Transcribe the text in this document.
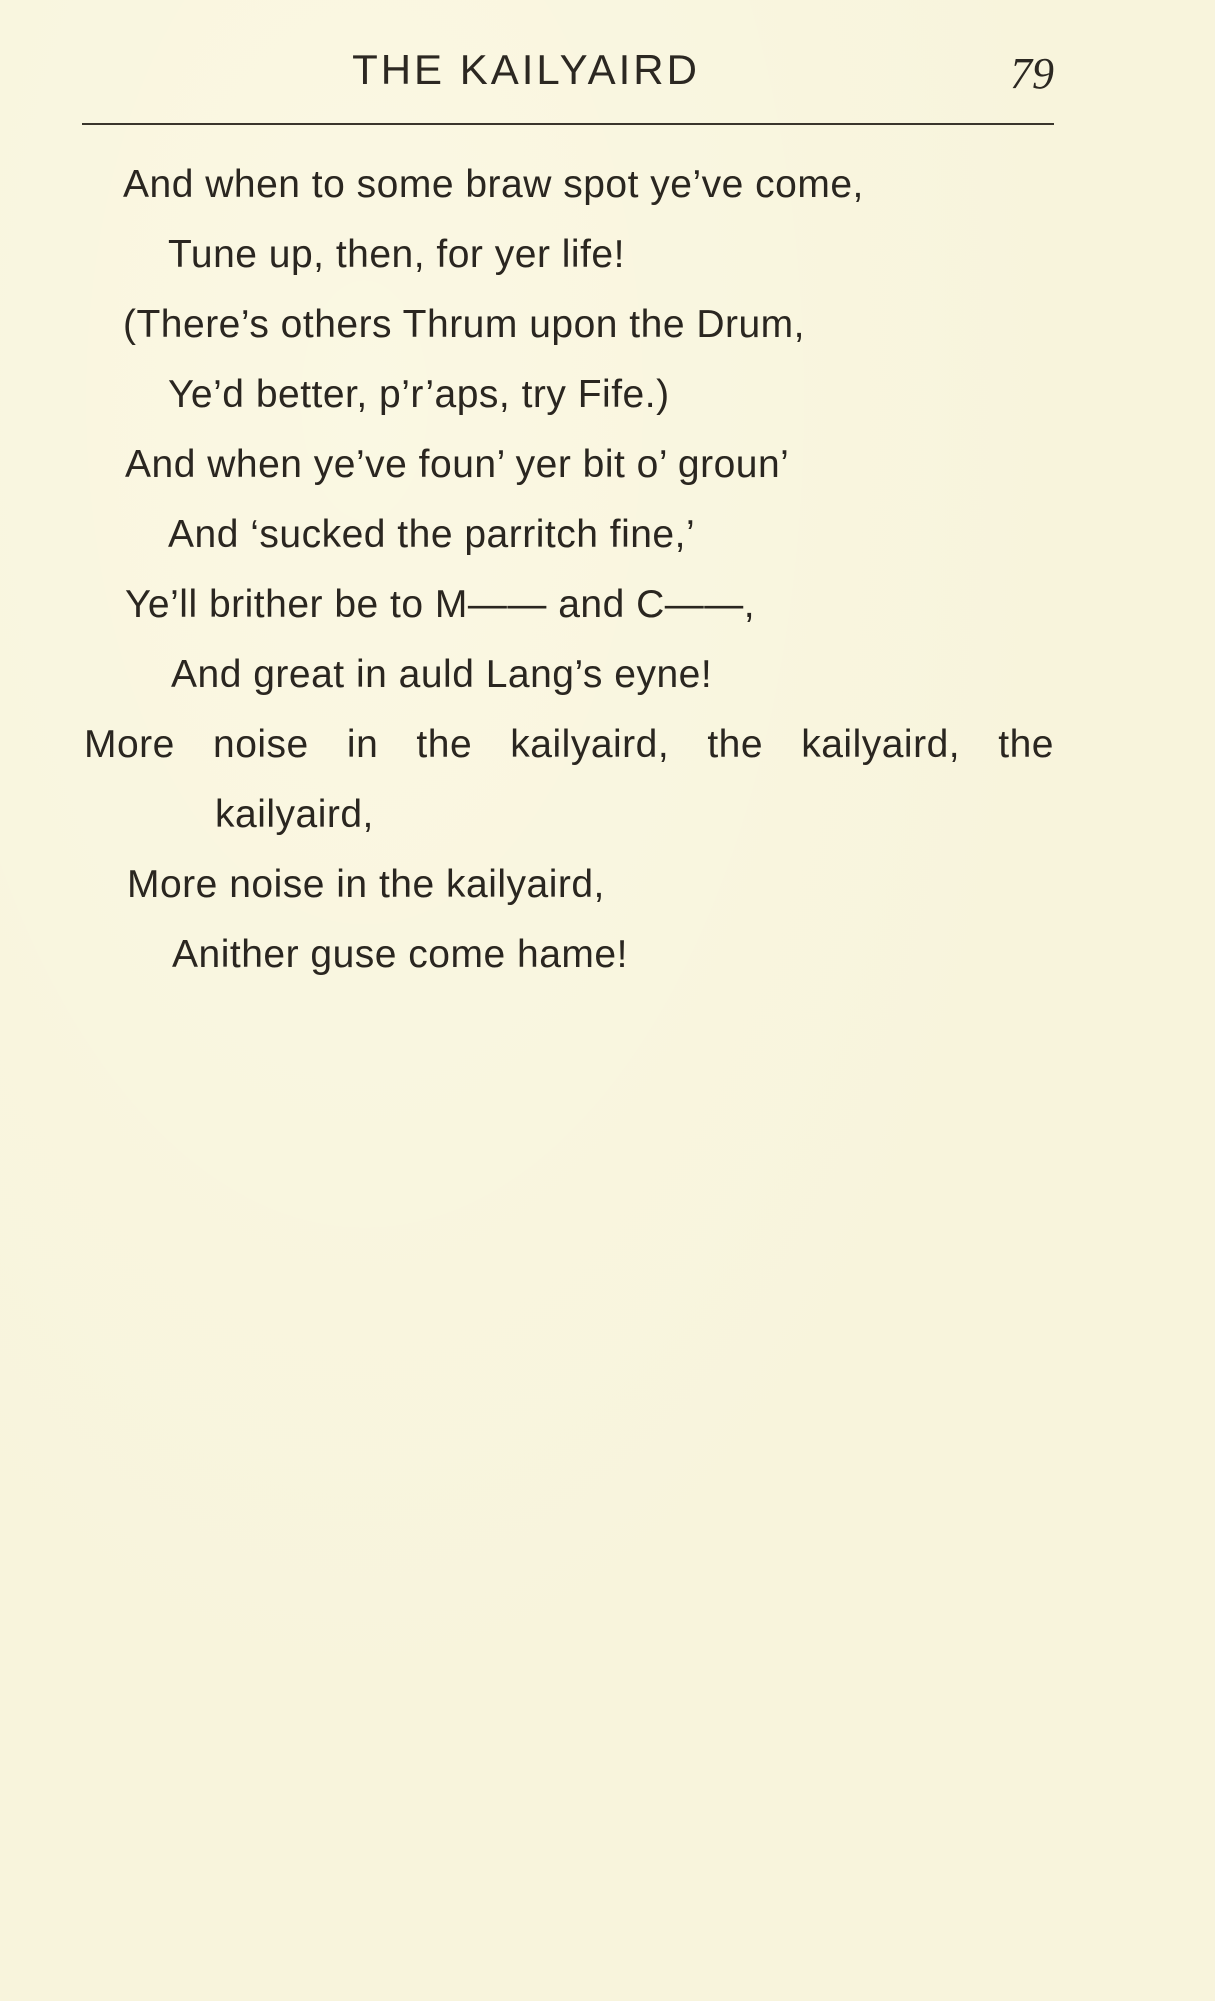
THE KAILYAIRD	79
And when to some braw spot ye’ve come,
Tune up, then, for yer life!
(There’s others Thrum upon the Drum,
Ye’d better, p’r’aps, try Fife.)
And when ye’ve foun’ yer bit o’ groun’
And ‘sucked the parritch fine,’
Ye’ll brither be to M—— and C——,
And great in auld Lang’s eyne!
More noise in the kailyaird, the kailyaird, the
kailyaird,
More noise in the kailyaird,
Anither guse come hame!
